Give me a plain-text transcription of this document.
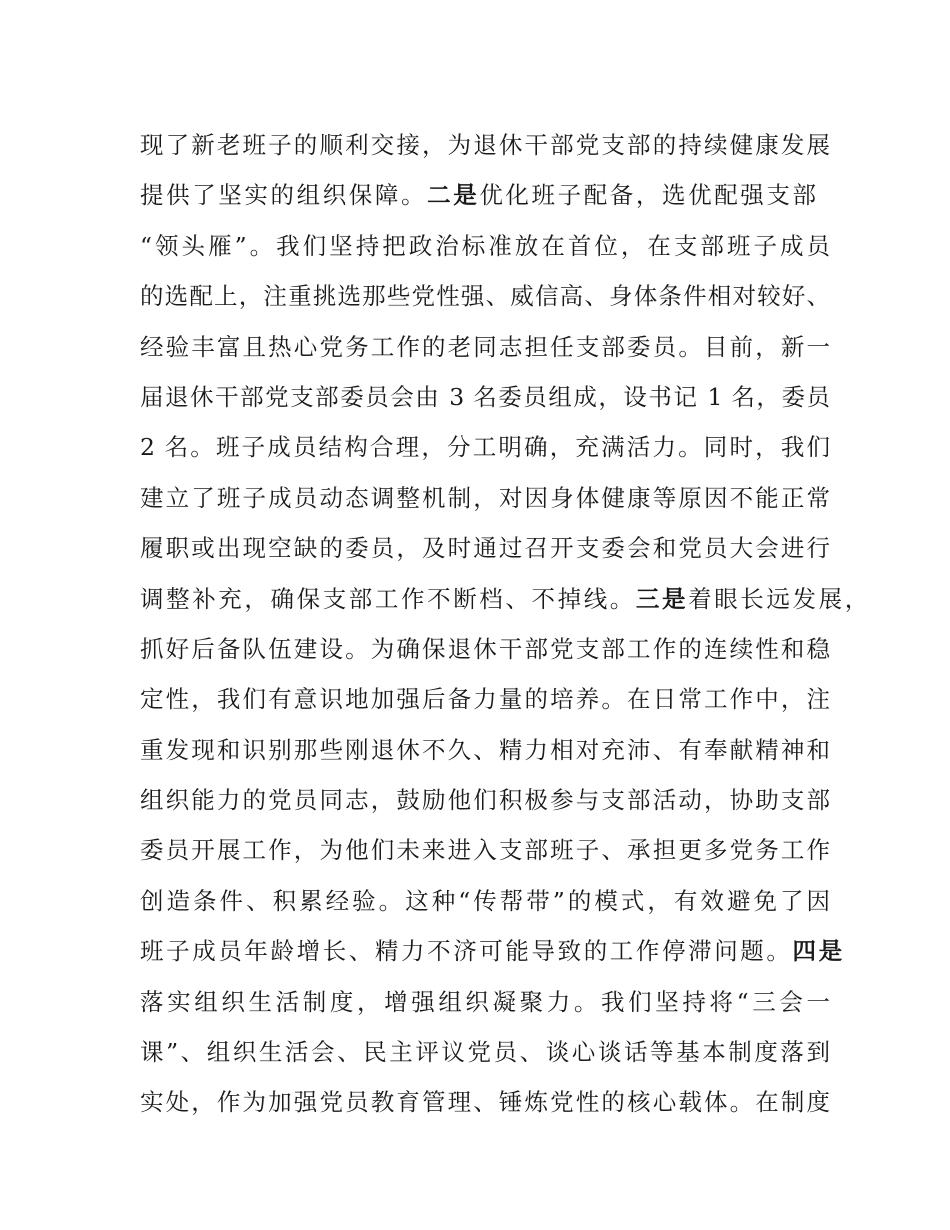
现了新老班子的顺利交接，为退休干部党支部的持续健康发展
提供了坚实的组织保障。二是优化班子配备，选优配强支部
“领头雁”。我们坚持把政治标准放在首位，在支部班子成员
的选配上，注重挑选那些党性强、威信高、身体条件相对较好、
经验丰富且热心党务工作的老同志担任支部委员。目前，新一
届退休干部党支部委员会由 3 名委员组成，设书记 1 名，委员
2 名。班子成员结构合理，分工明确，充满活力。同时，我们
建立了班子成员动态调整机制，对因身体健康等原因不能正常
履职或出现空缺的委员，及时通过召开支委会和党员大会进行
调整补充，确保支部工作不断档、不掉线。三是着眼长远发展，
抓好后备队伍建设。为确保退休干部党支部工作的连续性和稳
定性，我们有意识地加强后备力量的培养。在日常工作中，注
重发现和识别那些刚退休不久、精力相对充沛、有奉献精神和
组织能力的党员同志，鼓励他们积极参与支部活动，协助支部
委员开展工作，为他们未来进入支部班子、承担更多党务工作
创造条件、积累经验。这种“传帮带”的模式，有效避免了因
班子成员年龄增长、精力不济可能导致的工作停滞问题。四是
落实组织生活制度，增强组织凝聚力。我们坚持将“三会一
课”、组织生活会、民主评议党员、谈心谈话等基本制度落到
实处，作为加强党员教育管理、锤炼党性的核心载体。在制度
